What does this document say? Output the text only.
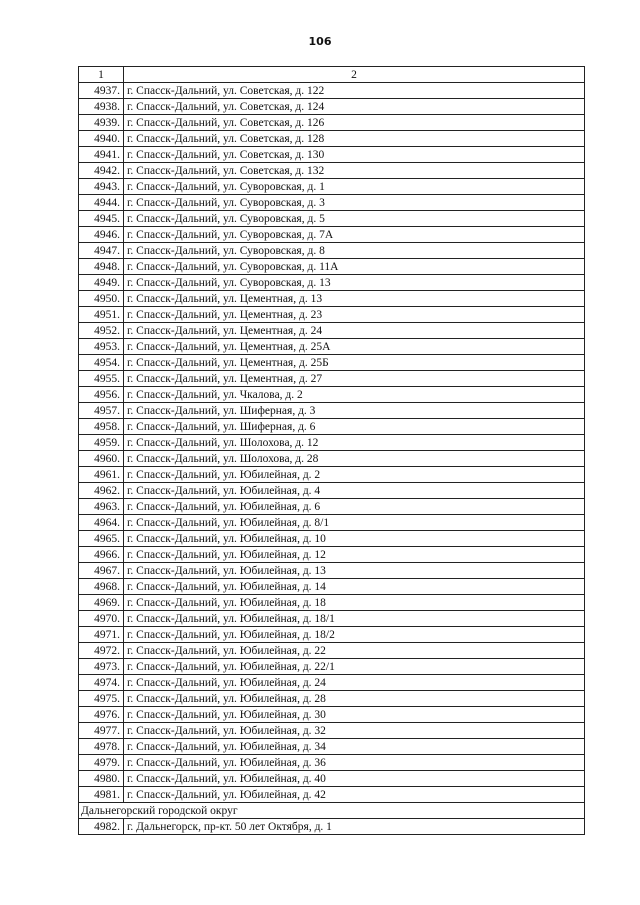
106
1	2
4937.	г. Спасск-Дальний, ул. Советская, д. 122
4938.	г. Спасск-Дальний, ул. Советская, д. 124
4939.	г. Спасск-Дальний, ул. Советская, д. 126
4940.	г. Спасск-Дальний, ул. Советская, д. 128
4941.	г. Спасск-Дальний, ул. Советская, д. 130
4942.	г. Спасск-Дальний, ул. Советская, д. 132
4943.	г. Спасск-Дальний, ул. Суворовская, д. 1
4944.	г. Спасск-Дальний, ул. Суворовская, д. 3
4945.	г. Спасск-Дальний, ул. Суворовская, д. 5
4946.	г. Спасск-Дальний, ул. Суворовская, д. 7А
4947.	г. Спасск-Дальний, ул. Суворовская, д. 8
4948.	г. Спасск-Дальний, ул. Суворовская, д. 11А
4949.	г. Спасск-Дальний, ул. Суворовская, д. 13
4950.	г. Спасск-Дальний, ул. Цементная, д. 13
4951.	г. Спасск-Дальний, ул. Цементная, д. 23
4952.	г. Спасск-Дальний, ул. Цементная, д. 24
4953.	г. Спасск-Дальний, ул. Цементная, д. 25А
4954.	г. Спасск-Дальний, ул. Цементная, д. 25Б
4955.	г. Спасск-Дальний, ул. Цементная, д. 27
4956.	г. Спасск-Дальний, ул. Чкалова, д. 2
4957.	г. Спасск-Дальний, ул. Шиферная, д. 3
4958.	г. Спасск-Дальний, ул. Шиферная, д. 6
4959.	г. Спасск-Дальний, ул. Шолохова, д. 12
4960.	г. Спасск-Дальний, ул. Шолохова, д. 28
4961.	г. Спасск-Дальний, ул. Юбилейная, д. 2
4962.	г. Спасск-Дальний, ул. Юбилейная, д. 4
4963.	г. Спасск-Дальний, ул. Юбилейная, д. 6
4964.	г. Спасск-Дальний, ул. Юбилейная, д. 8/1
4965.	г. Спасск-Дальний, ул. Юбилейная, д. 10
4966.	г. Спасск-Дальний, ул. Юбилейная, д. 12
4967.	г. Спасск-Дальний, ул. Юбилейная, д. 13
4968.	г. Спасск-Дальний, ул. Юбилейная, д. 14
4969.	г. Спасск-Дальний, ул. Юбилейная, д. 18
4970.	г. Спасск-Дальний, ул. Юбилейная, д. 18/1
4971.	г. Спасск-Дальний, ул. Юбилейная, д. 18/2
4972.	г. Спасск-Дальний, ул. Юбилейная, д. 22
4973.	г. Спасск-Дальний, ул. Юбилейная, д. 22/1
4974.	г. Спасск-Дальний, ул. Юбилейная, д. 24
4975.	г. Спасск-Дальний, ул. Юбилейная, д. 28
4976.	г. Спасск-Дальний, ул. Юбилейная, д. 30
4977.	г. Спасск-Дальний, ул. Юбилейная, д. 32
4978.	г. Спасск-Дальний, ул. Юбилейная, д. 34
4979.	г. Спасск-Дальний, ул. Юбилейная, д. 36
4980.	г. Спасск-Дальний, ул. Юбилейная, д. 40
4981.	г. Спасск-Дальний, ул. Юбилейная, д. 42
Дальнегорский городской округ	
4982.	г. Дальнегорск, пр-кт. 50 лет Октября, д. 1
